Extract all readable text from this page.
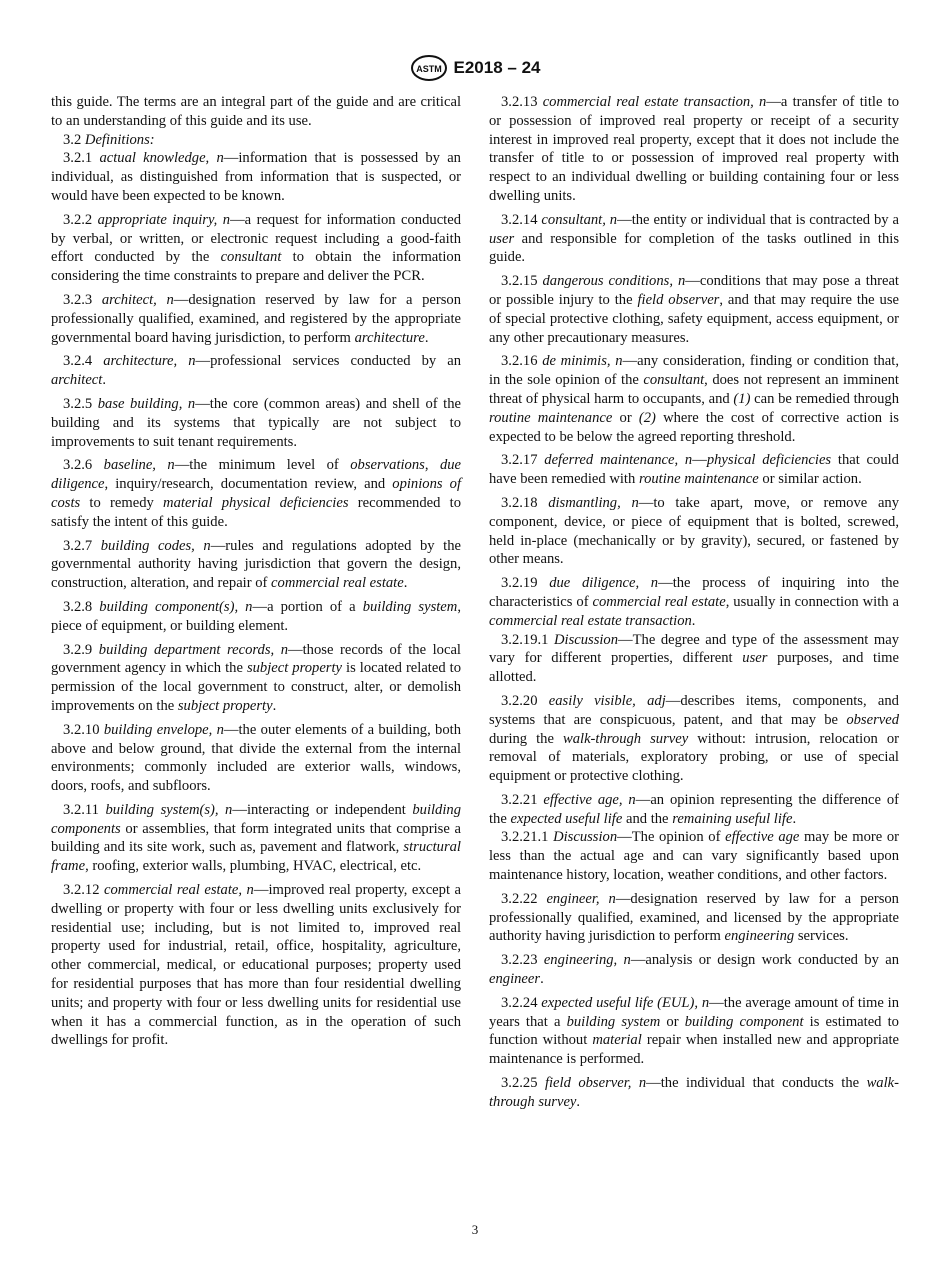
ASTM E2018 – 24

this guide. The terms are an integral part of the guide and are critical to an understanding of this guide and its use.

3.2 Definitions:

3.2.1 actual knowledge, n—information that is possessed by an individual, as distinguished from information that is suspected, or would have been expected to be known.

3.2.2 appropriate inquiry, n—a request for information conducted by verbal, or written, or electronic request including a good-faith effort conducted by the consultant to obtain the information considering the time constraints to prepare and deliver the PCR.

3.2.3 architect, n—designation reserved by law for a person professionally qualified, examined, and registered by the appropriate governmental board having jurisdiction, to perform architecture.

3.2.4 architecture, n—professional services conducted by an architect.

3.2.5 base building, n—the core (common areas) and shell of the building and its systems that typically are not subject to improvements to suit tenant requirements.

3.2.6 baseline, n—the minimum level of observations, due diligence, inquiry/research, documentation review, and opinions of costs to remedy material physical deficiencies recommended to satisfy the intent of this guide.

3.2.7 building codes, n—rules and regulations adopted by the governmental authority having jurisdiction that govern the design, construction, alteration, and repair of commercial real estate.

3.2.8 building component(s), n—a portion of a building system, piece of equipment, or building element.

3.2.9 building department records, n—those records of the local government agency in which the subject property is located related to permission of the local government to construct, alter, or demolish improvements on the subject property.

3.2.10 building envelope, n—the outer elements of a building, both above and below ground, that divide the external from the internal environments; commonly included are exterior walls, windows, doors, roofs, and subfloors.

3.2.11 building system(s), n—interacting or independent building components or assemblies, that form integrated units that comprise a building and its site work, such as, pavement and flatwork, structural frame, roofing, exterior walls, plumbing, HVAC, electrical, etc.

3.2.12 commercial real estate, n—improved real property, except a dwelling or property with four or less dwelling units exclusively for residential use; including, but is not limited to, improved real property used for industrial, retail, office, hospitality, agriculture, other commercial, medical, or educational purposes; property used for residential purposes that has more than four residential dwelling units; and property with four or less dwelling units for residential use when it has a commercial function, as in the operation of such dwellings for profit.

3.2.13 commercial real estate transaction, n—a transfer of title to or possession of improved real property or receipt of a security interest in improved real property, except that it does not include the transfer of title to or possession of improved real property with respect to an individual dwelling or building containing four or less dwelling units.

3.2.14 consultant, n—the entity or individual that is contracted by a user and responsible for completion of the tasks outlined in this guide.

3.2.15 dangerous conditions, n—conditions that may pose a threat or possible injury to the field observer, and that may require the use of special protective clothing, safety equipment, access equipment, or any other precautionary measures.

3.2.16 de minimis, n—any consideration, finding or condition that, in the sole opinion of the consultant, does not represent an imminent threat of physical harm to occupants, and (1) can be remedied through routine maintenance or (2) where the cost of corrective action is expected to be below the agreed reporting threshold.

3.2.17 deferred maintenance, n—physical deficiencies that could have been remedied with routine maintenance or similar action.

3.2.18 dismantling, n—to take apart, move, or remove any component, device, or piece of equipment that is bolted, screwed, held in-place (mechanically or by gravity), secured, or fastened by other means.

3.2.19 due diligence, n—the process of inquiring into the characteristics of commercial real estate, usually in connection with a commercial real estate transaction.

3.2.19.1 Discussion—The degree and type of the assessment may vary for different properties, different user purposes, and time allotted.

3.2.20 easily visible, adj—describes items, components, and systems that are conspicuous, patent, and that may be observed during the walk-through survey without: intrusion, relocation or removal of materials, exploratory probing, or use of special equipment or protective clothing.

3.2.21 effective age, n—an opinion representing the difference of the expected useful life and the remaining useful life.

3.2.21.1 Discussion—The opinion of effective age may be more or less than the actual age and can vary significantly based upon maintenance history, location, weather conditions, and other factors.

3.2.22 engineer, n—designation reserved by law for a person professionally qualified, examined, and licensed by the appropriate authority having jurisdiction to perform engineering services.

3.2.23 engineering, n—analysis or design work conducted by an engineer.

3.2.24 expected useful life (EUL), n—the average amount of time in years that a building system or building component is estimated to function without material repair when installed new and appropriate maintenance is performed.

3.2.25 field observer, n—the individual that conducts the walk-through survey.

3
